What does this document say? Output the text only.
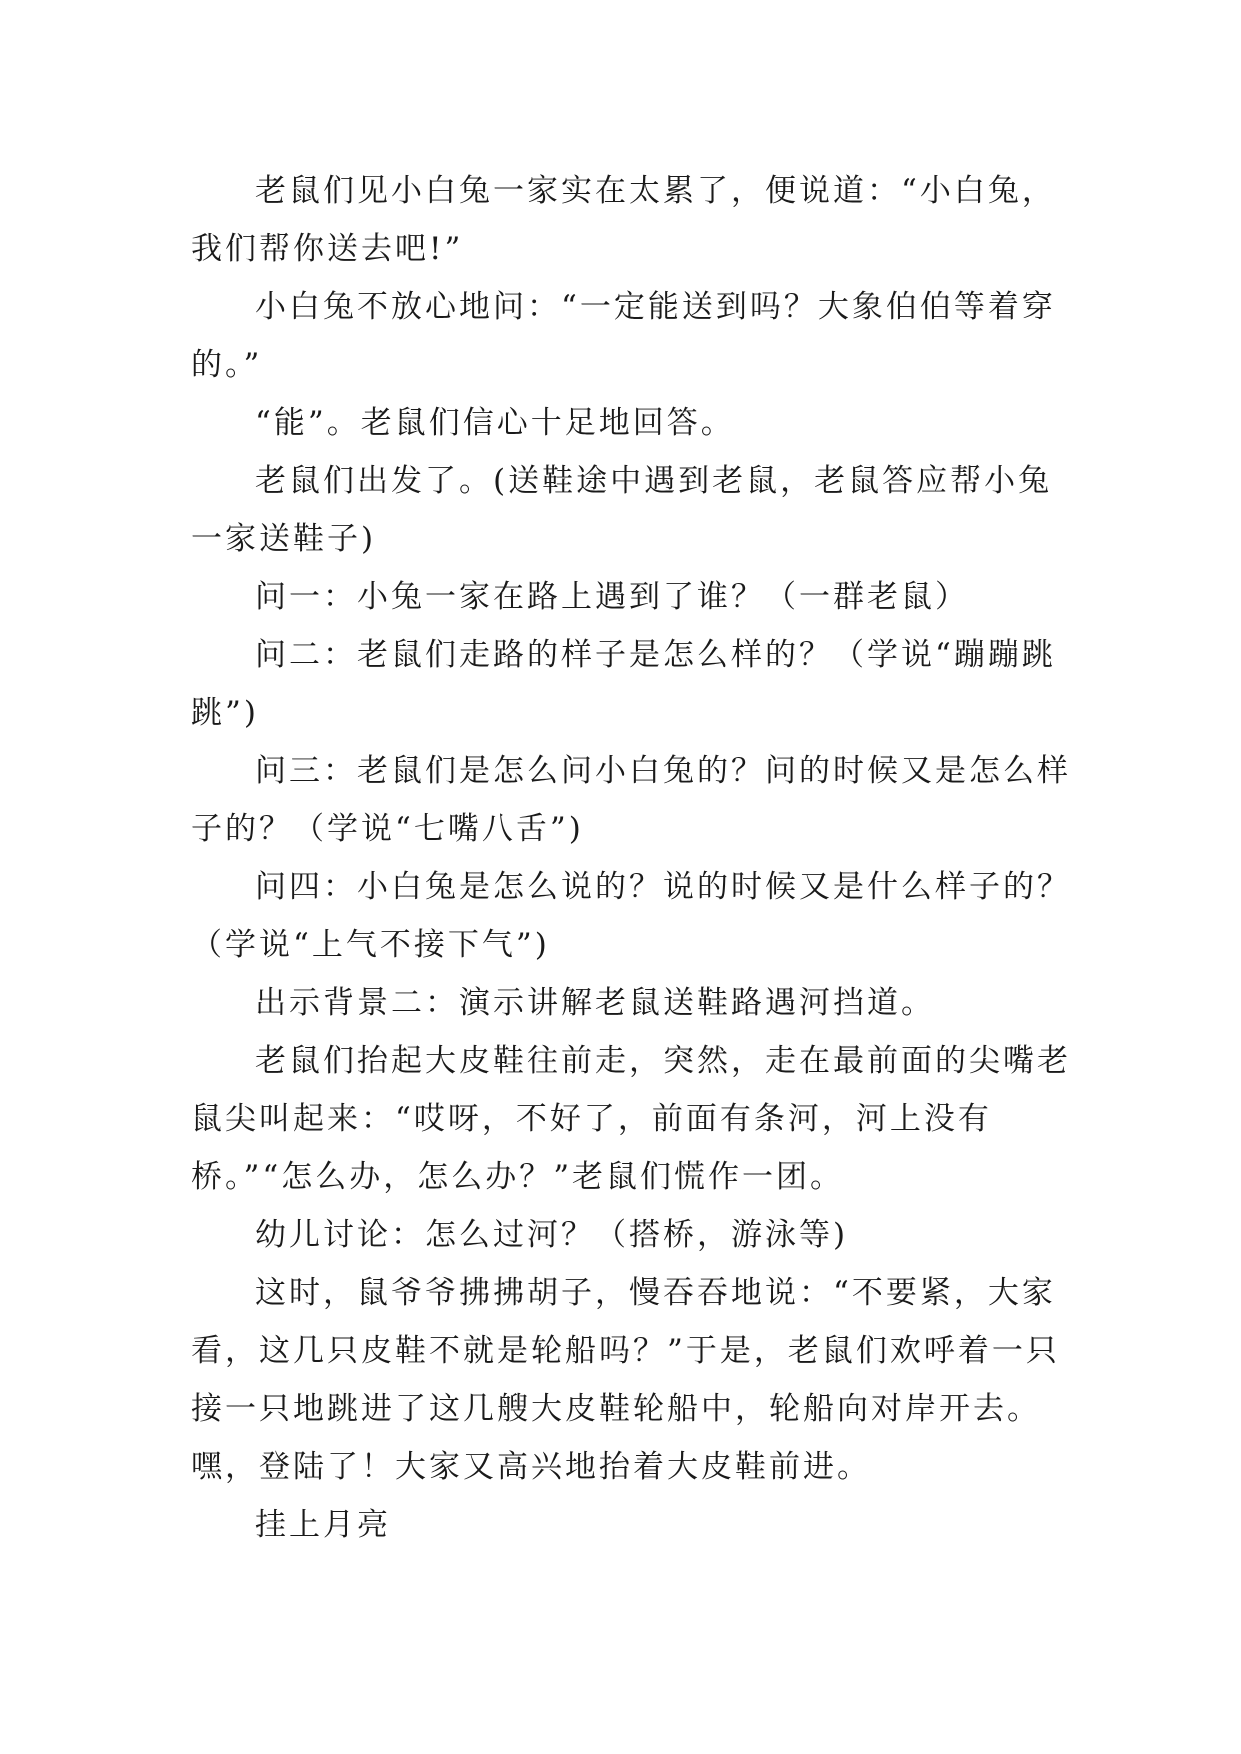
老鼠们见小白兔一家实在太累了，便说道：“小白兔，我们帮你送去吧!”

小白兔不放心地问：“一定能送到吗？大象伯伯等着穿的。”

“能”。老鼠们信心十足地回答。

老鼠们出发了。(送鞋途中遇到老鼠，老鼠答应帮小兔一家送鞋子)

问一：小兔一家在路上遇到了谁？（一群老鼠）

问二：老鼠们走路的样子是怎么样的？（学说“蹦蹦跳跳”)

问三：老鼠们是怎么问小白兔的？问的时候又是怎么样子的？（学说“七嘴八舌”)

问四：小白兔是怎么说的？说的时候又是什么样子的？（学说“上气不接下气”)

出示背景二：演示讲解老鼠送鞋路遇河挡道。

老鼠们抬起大皮鞋往前走，突然，走在最前面的尖嘴老鼠尖叫起来：“哎呀，不好了，前面有条河，河上没有桥。”“怎么办，怎么办？”老鼠们慌作一团。

幼儿讨论：怎么过河？（搭桥，游泳等)

这时，鼠爷爷拂拂胡子，慢吞吞地说：“不要紧，大家看，这几只皮鞋不就是轮船吗？”于是，老鼠们欢呼着一只接一只地跳进了这几艘大皮鞋轮船中，轮船向对岸开去。嘿，登陆了！大家又高兴地抬着大皮鞋前进。

挂上月亮
